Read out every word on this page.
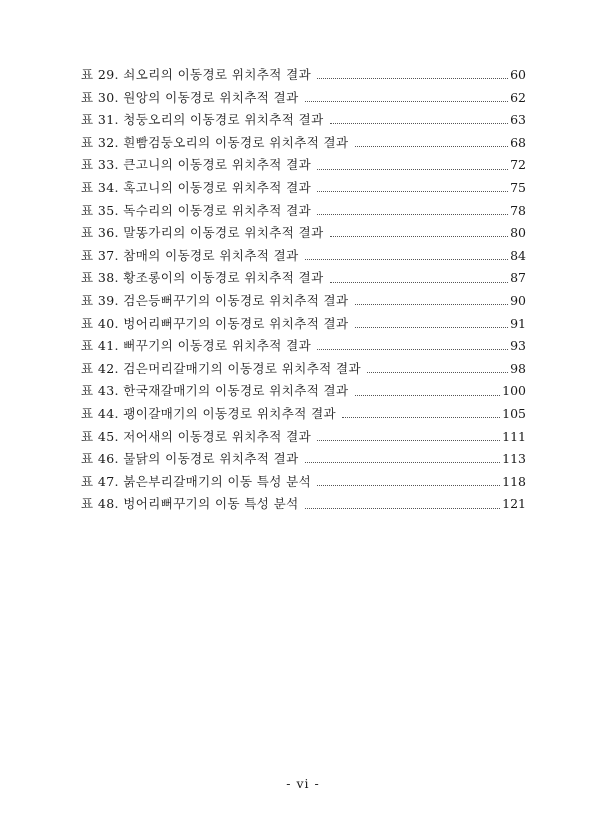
표 29. 쇠오리의 이동경로 위치추적 결과	60
표 30. 원앙의 이동경로 위치추적 결과	62
표 31. 청둥오리의 이동경로 위치추적 결과	63
표 32. 흰빰검둥오리의 이동경로 위치추적 결과	68
표 33. 큰고니의 이동경로 위치추적 결과	72
표 34. 혹고니의 이동경로 위치추적 결과	75
표 35. 독수리의 이동경로 위치추적 결과	78
표 36. 말똥가리의 이동경로 위치추적 결과	80
표 37. 참매의 이동경로 위치추적 결과	84
표 38. 황조롱이의 이동경로 위치추적 결과	87
표 39. 검은등뻐꾸기의 이동경로 위치추적 결과	90
표 40. 벙어리뻐꾸기의 이동경로 위치추적 결과	91
표 41. 뻐꾸기의 이동경로 위치추적 결과	93
표 42. 검은머리갈매기의 이동경로 위치추적 결과	98
표 43. 한국재갈매기의 이동경로 위치추적 결과	100
표 44. 괭이갈매기의 이동경로 위치추적 결과	105
표 45. 저어새의 이동경로 위치추적 결과	111
표 46. 물닭의 이동경로 위치추적 결과	113
표 47. 붉은부리갈매기의 이동 특성 분석	118
표 48. 벙어리뻐꾸기의 이동 특성 분석	121
- vi -
